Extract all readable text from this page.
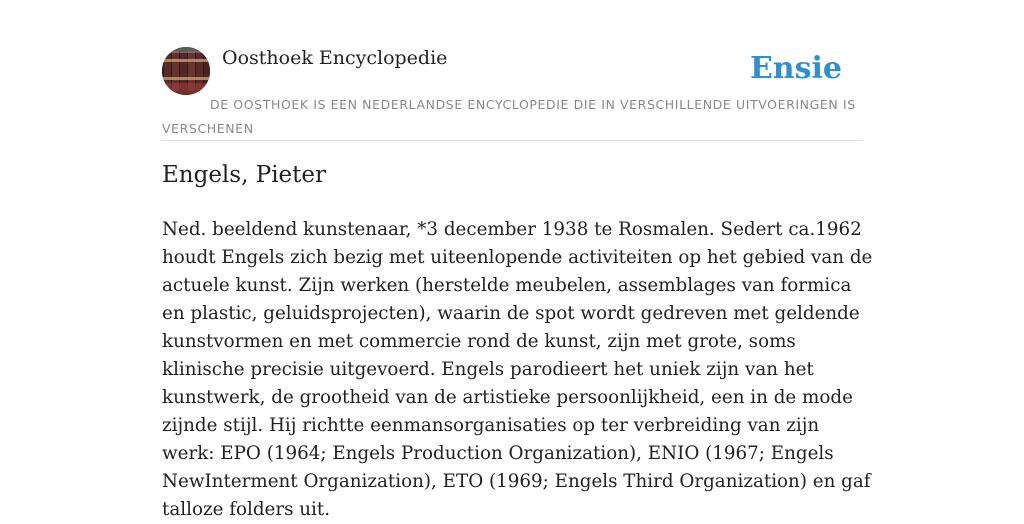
Oosthoek Encyclopedie	Ensie
DE OOSTHOEK IS EEN NEDERLANDSE ENCYCLOPEDIE DIE IN VERSCHILLENDE UITVOERINGEN IS VERSCHENEN
Engels, Pieter

Ned. beeldend kunstenaar, *3 december 1938 te Rosmalen. Sedert ca.1962 houdt Engels zich bezig met uiteenlopende activiteiten op het gebied van de actuele kunst. Zijn werken (herstelde meubelen, assemblages van formica en plastic, geluidsprojecten), waarin de spot wordt gedreven met geldende kunstvormen en met commercie rond de kunst, zijn met grote, soms klinische precisie uitgevoerd. Engels parodieert het uniek zijn van het kunstwerk, de grootheid van de artistieke persoonlijkheid, een in de mode zijnde stijl. Hij richtte eenmansorganisaties op ter verbreiding van zijn werk: EPO (1964; Engels Production Organization), ENIO (1967; Engels NewInterment Organization), ETO (1969; Engels Third Organization) en gaf talloze folders uit.
